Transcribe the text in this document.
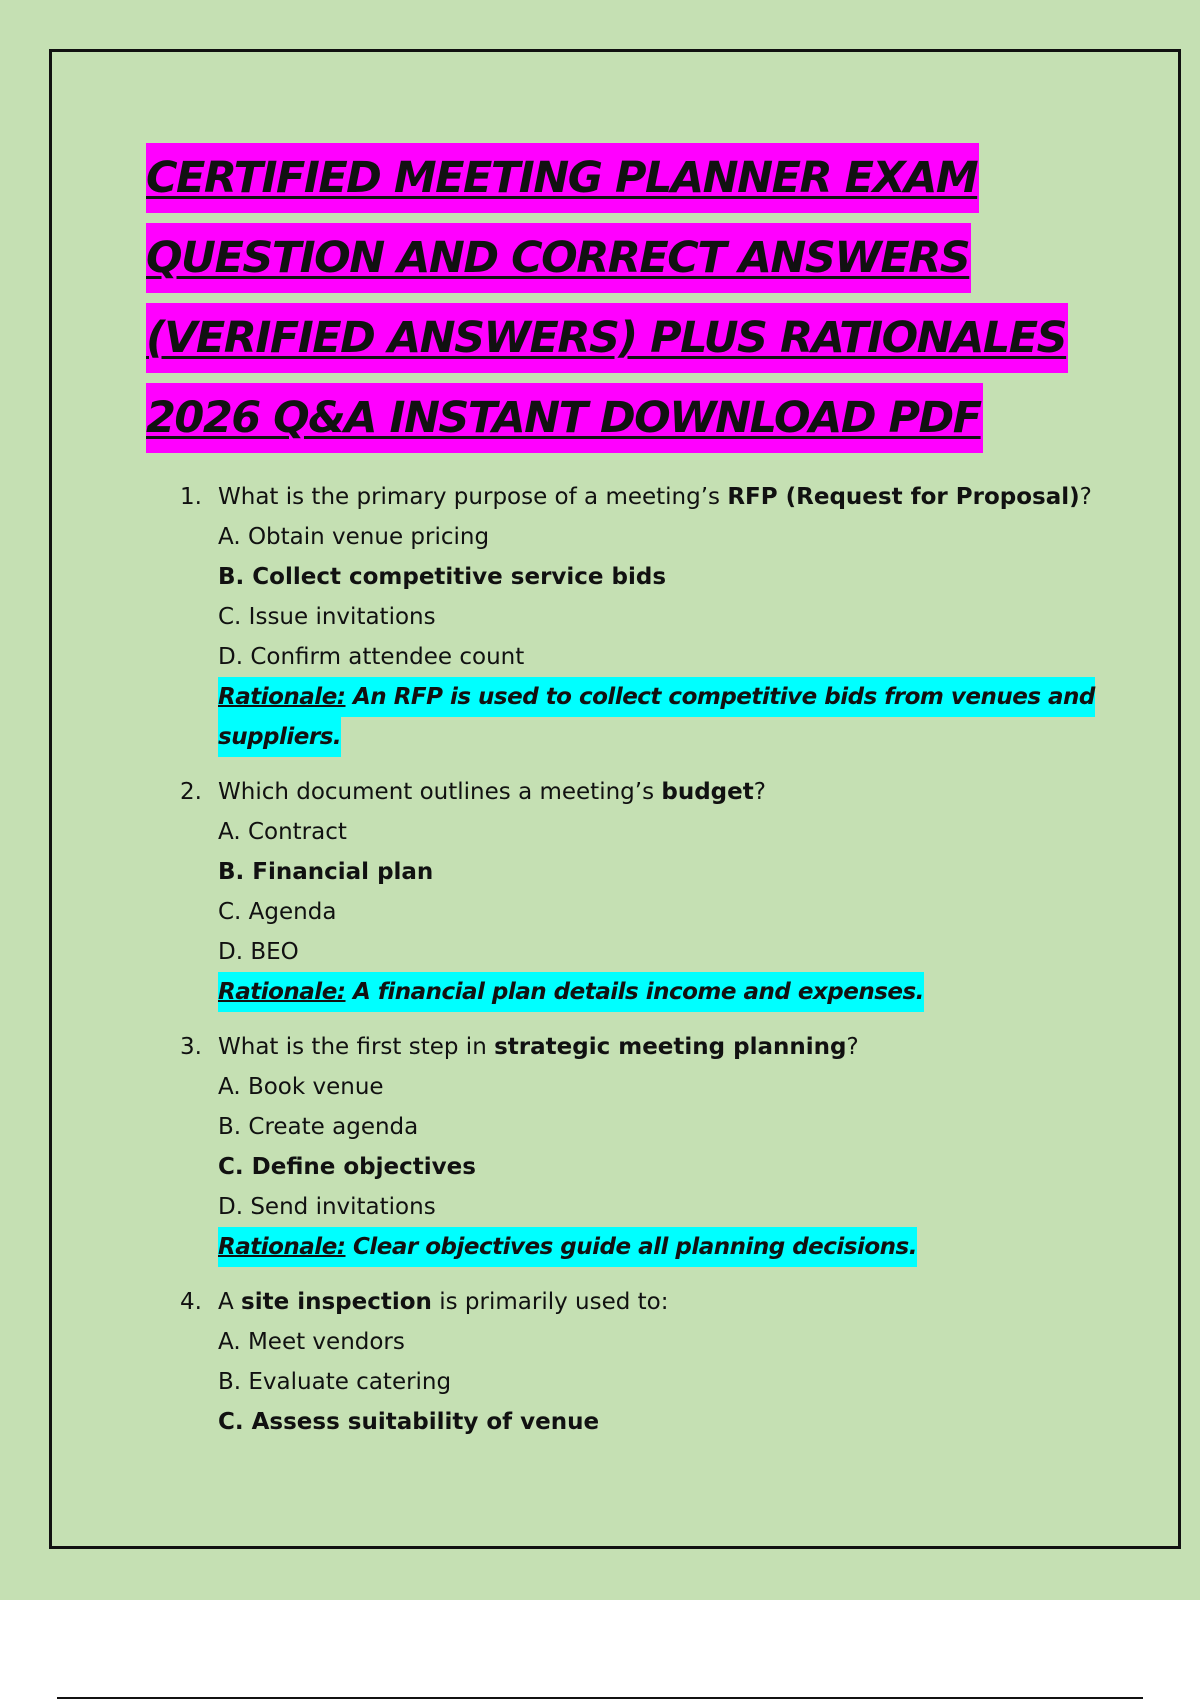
CERTIFIED MEETING PLANNER EXAM
QUESTION AND CORRECT ANSWERS
(VERIFIED ANSWERS) PLUS RATIONALES
2026 Q&A INSTANT DOWNLOAD PDF
1. What is the primary purpose of a meeting’s RFP (Request for Proposal)?
A. Obtain venue pricing
B. Collect competitive service bids
C. Issue invitations
D. Confirm attendee count
Rationale: An RFP is used to collect competitive bids from venues and
suppliers.
2. Which document outlines a meeting’s budget?
A. Contract
B. Financial plan
C. Agenda
D. BEO
Rationale: A financial plan details income and expenses.
3. What is the first step in strategic meeting planning?
A. Book venue
B. Create agenda
C. Define objectives
D. Send invitations
Rationale: Clear objectives guide all planning decisions.
4. A site inspection is primarily used to:
A. Meet vendors
B. Evaluate catering
C. Assess suitability of venue
